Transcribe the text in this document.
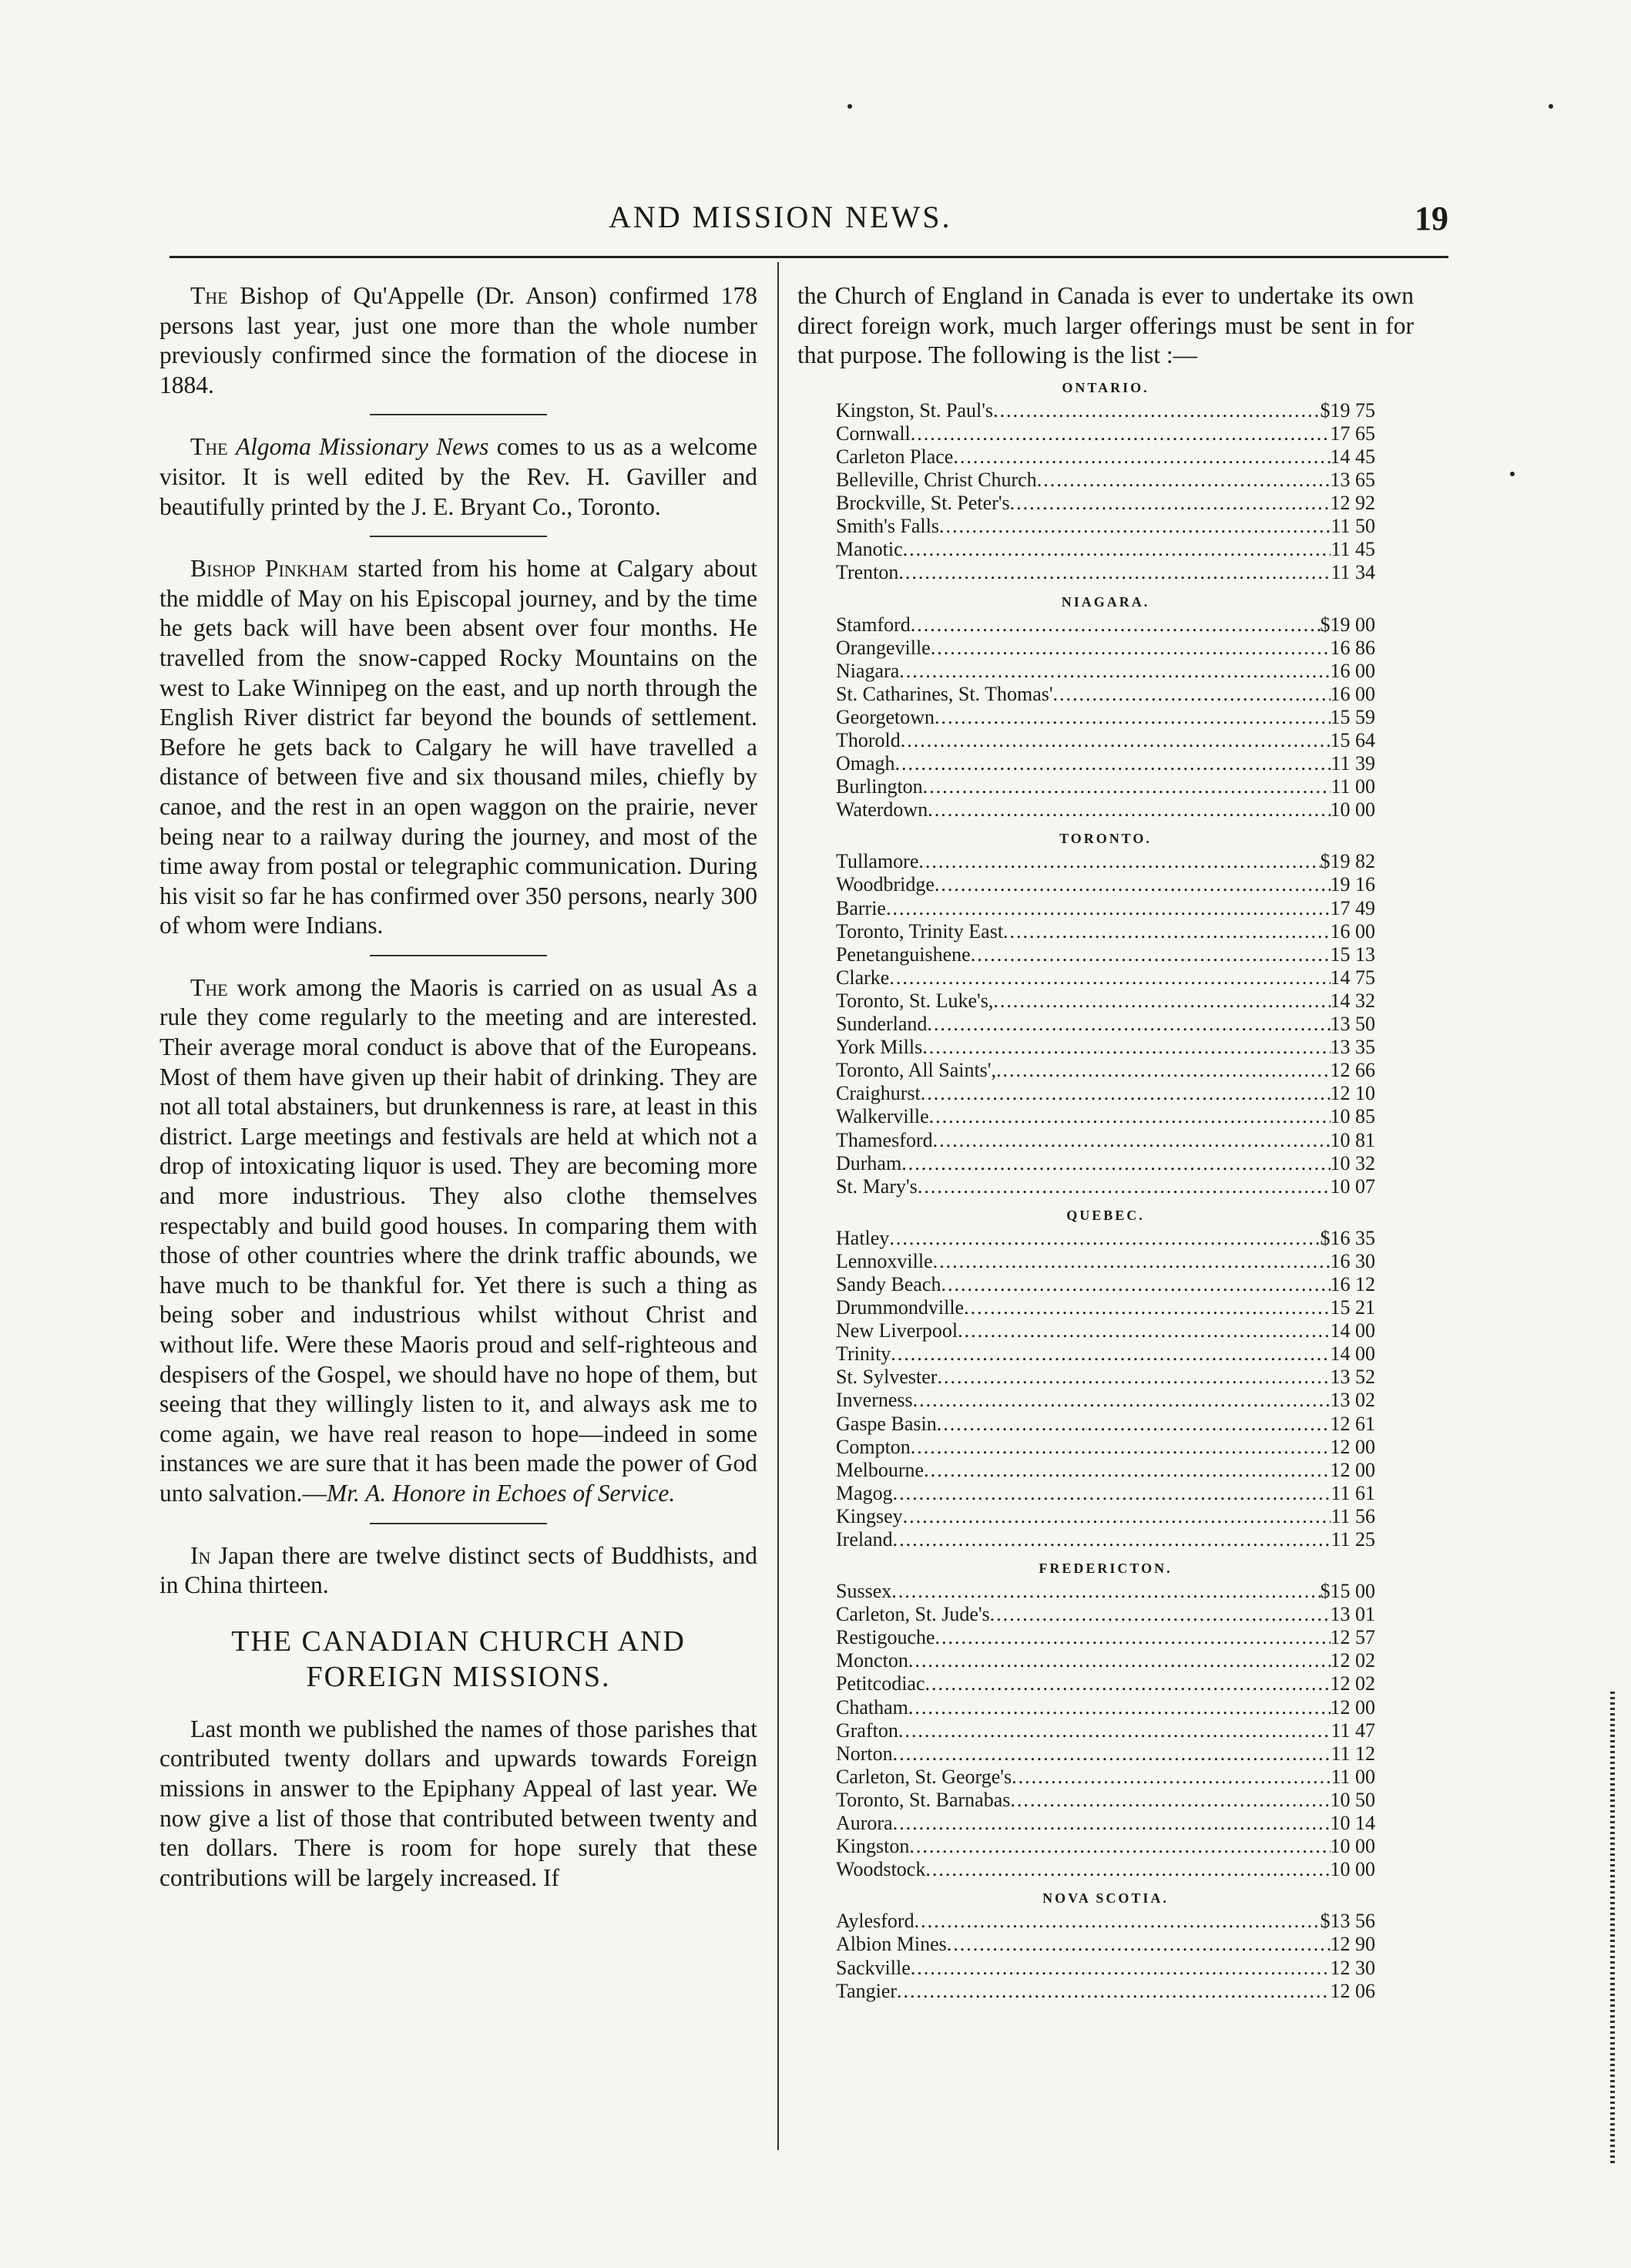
AND MISSION NEWS.	19

The Bishop of Qu'Appelle (Dr. Anson) confirmed 178 persons last year, just one more than the whole number previously confirmed since the formation of the diocese in 1884.

The Algoma Missionary News comes to us as a welcome visitor. It is well edited by the Rev. H. Gaviller and beautifully printed by the J. E. Bryant Co., Toronto.

Bishop Pinkham started from his home at Calgary about the middle of May on his Episcopal journey, and by the time he gets back will have been absent over four months. He travelled from the snow-capped Rocky Mountains on the west to Lake Winnipeg on the east, and up north through the English River district far beyond the bounds of settlement. Before he gets back to Calgary he will have travelled a distance of between five and six thousand miles, chiefly by canoe, and the rest in an open waggon on the prairie, never being near to a railway during the journey, and most of the time away from postal or telegraphic communication. During his visit so far he has confirmed over 350 persons, nearly 300 of whom were Indians.

The work among the Maoris is carried on as usual As a rule they come regularly to the meeting and are interested. Their average moral conduct is above that of the Europeans. Most of them have given up their habit of drinking. They are not all total abstainers, but drunkenness is rare, at least in this district. Large meetings and festivals are held at which not a drop of intoxicating liquor is used. They are becoming more and more industrious. They also clothe themselves respectably and build good houses. In comparing them with those of other countries where the drink traffic abounds, we have much to be thankful for. Yet there is such a thing as being sober and industrious whilst without Christ and without life. Were these Maoris proud and self-righteous and despisers of the Gospel, we should have no hope of them, but seeing that they willingly listen to it, and always ask me to come again, we have real reason to hope—indeed in some instances we are sure that it has been made the power of God unto salvation.—Mr. A. Honore in Echoes of Service.

In Japan there are twelve distinct sects of Buddhists, and in China thirteen.

THE CANADIAN CHURCH AND
FOREIGN MISSIONS.

Last month we published the names of those parishes that contributed twenty dollars and upwards towards Foreign missions in answer to the Epiphany Appeal of last year. We now give a list of those that contributed between twenty and ten dollars. There is room for hope surely that these contributions will be largely increased. If

the Church of England in Canada is ever to undertake its own direct foreign work, much larger offerings must be sent in for that purpose. The following is the list :—

ONTARIO.
Kingston, St. Paul's .....	$19 75
Cornwall .....	17 65
Carleton Place .....	14 45
Belleville, Christ Church .....	13 65
Brockville, St. Peter's .....	12 92
Smith's Falls .....	11 50
Manotic .....	11 45
Trenton .....	11 34
NIAGARA.
Stamford .....	$19 00
Orangeville .....	16 86
Niagara .....	16 00
St. Catharines, St. Thomas' .....	16 00
Georgetown .....	15 59
Thorold .....	15 64
Omagh .....	11 39
Burlington .....	11 00
Waterdown .....	10 00
TORONTO.
Tullamore .....	$19 82
Woodbridge .....	19 16
Barrie .....	17 49
Toronto, Trinity East .....	16 00
Penetanguishene .....	15 13
Clarke .....	14 75
Toronto, St. Luke's, .....	14 32
Sunderland .....	13 50
York Mills .....	13 35
Toronto, All Saints', .....	12 66
Craighurst .....	12 10
Walkerville .....	10 85
Thamesford .....	10 81
Durham .....	10 32
St. Mary's .....	10 07
QUEBEC.
Hatley .....	$16 35
Lennoxville .....	16 30
Sandy Beach .....	16 12
Drummondville .....	15 21
New Liverpool .....	14 00
Trinity .....	14 00
St. Sylvester .....	13 52
Inverness .....	13 02
Gaspe Basin .....	12 61
Compton .....	12 00
Melbourne .....	12 00
Magog .....	11 61
Kingsey .....	11 56
Ireland .....	11 25
FREDERICTON.
Sussex .....	$15 00
Carleton, St. Jude's .....	13 01
Restigouche .....	12 57
Moncton .....	12 02
Petitcodiac .....	12 02
Chatham .....	12 00
Grafton .....	11 47
Norton .....	11 12
Carleton, St. George's .....	11 00
Toronto, St. Barnabas .....	10 50
Aurora .....	10 14
Kingston .....	10 00
Woodstock .....	10 00
NOVA SCOTIA.
Aylesford .....	$13 56
Albion Mines .....	12 90
Sackville .....	12 30
Tangier .....	12 06
